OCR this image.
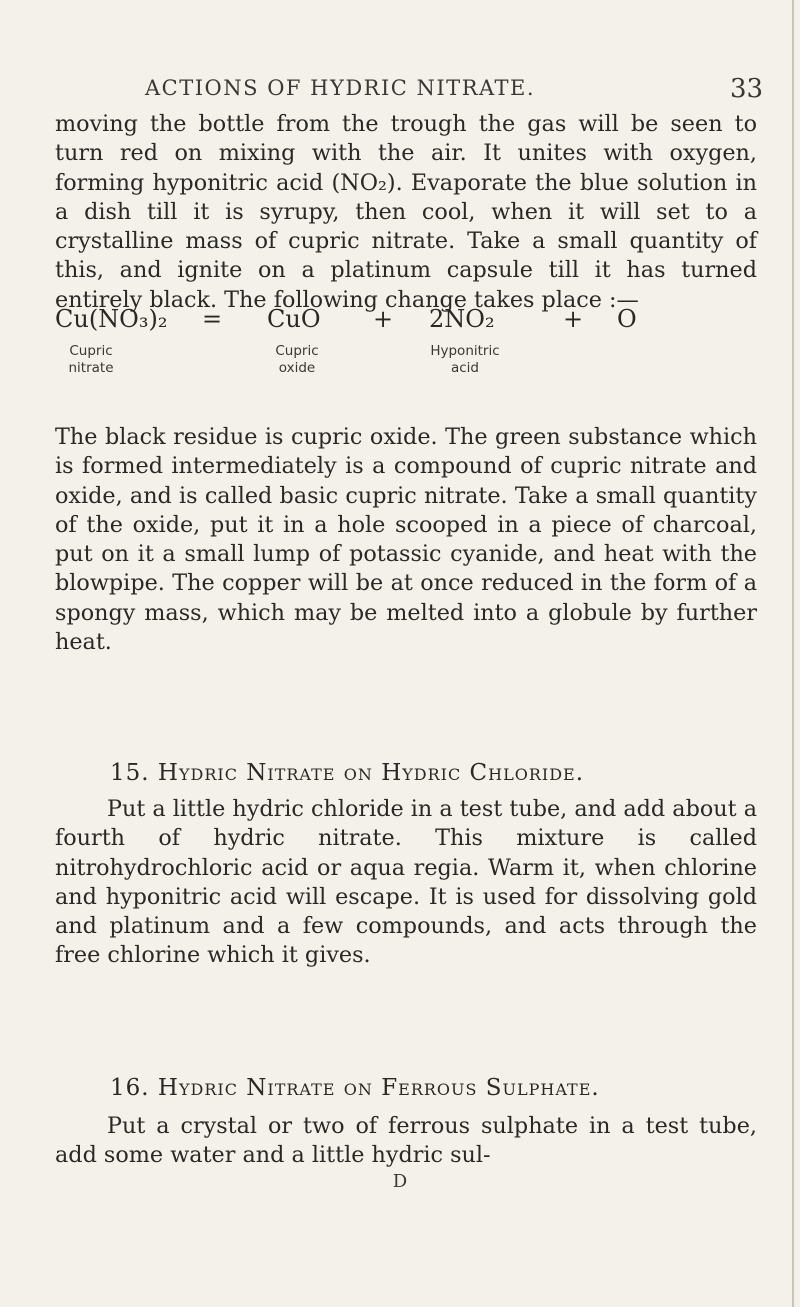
ACTIONS OF HYDRIC NITRATE.	33

moving the bottle from the trough the gas will be seen to turn red on mixing with the air. It unites with oxygen, forming hyponitric acid (NO₂). Evaporate the blue solution in a dish till it is syrupy, then cool, when it will set to a crystalline mass of cupric nitrate. Take a small quantity of this, and ignite on a platinum capsule till it has turned entirely black. The following change takes place :—

Cu(NO₃)₂ = CuO + 2NO₂	+ O
Cupric
nitrate
Cupric
oxide
Hyponitric
acid

The black residue is cupric oxide. The green substance which is formed intermediately is a compound of cupric nitrate and oxide, and is called basic cupric nitrate. Take a small quantity of the oxide, put it in a hole scooped in a piece of charcoal, put on it a small lump of potassic cyanide, and heat with the blowpipe. The copper will be at once reduced in the form of a spongy mass, which may be melted into a globule by further heat.

15. Hydric Nitrate on Hydric Chloride.

Put a little hydric chloride in a test tube, and add about a fourth of hydric nitrate. This mixture is called nitrohydrochloric acid or aqua regia. Warm it, when chlorine and hyponitric acid will escape. It is used for dissolving gold and platinum and a few compounds, and acts through the free chlorine which it gives.

16. Hydric Nitrate on Ferrous Sulphate.

Put a crystal or two of ferrous sulphate in a test tube, add some water and a little hydric sul-

D
